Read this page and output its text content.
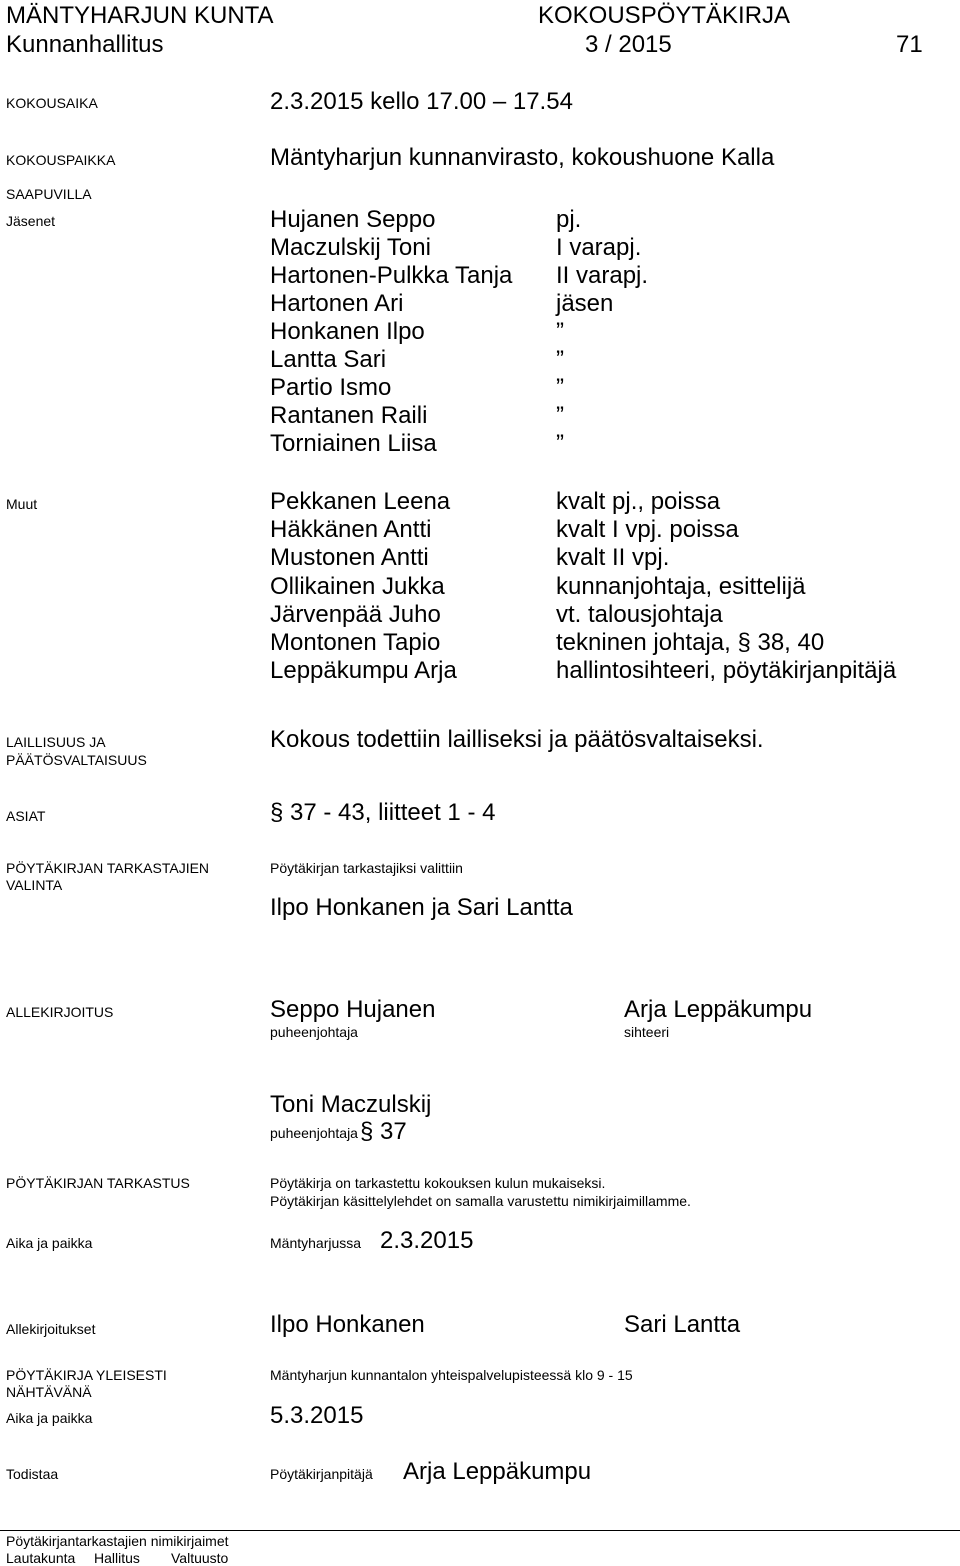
MÄNTYHARJUN KUNTA	KOKOUSPÖYTÄKIRJA
Kunnanhallitus	3 / 2015	71
KOKOUSAIKA	2.3.2015 kello 17.00 – 17.54
KOKOUSPAIKKA	Mäntyharjun kunnanvirasto, kokoushuone Kalla
SAAPUVILLA
Jäsenet	Hujanen Seppo	pj.
Maczulskij Toni	I varapj.
Hartonen-Pulkka Tanja II varapj.
Hartonen Ari	jäsen
Honkanen Ilpo	”
Lantta Sari	”
Partio Ismo	”
Rantanen Raili	”
Torniainen Liisa	”
Muut	Pekkanen Leena	kvalt pj., poissa
Häkkänen Antti	kvalt I vpj. poissa
Mustonen Antti	kvalt II vpj.
Ollikainen Jukka	kunnanjohtaja, esittelijä
Järvenpää Juho	vt. talousjohtaja
Montonen Tapio	tekninen johtaja, § 38, 40
Leppäkumpu Arja	hallintosihteeri, pöytäkirjanpitäjä
LAILLISUUS JA
PÄÄTÖSVALTAISUUS
Kokous todettiin lailliseksi ja päätösvaltaiseksi.
ASIAT	§ 37 - 43, liitteet 1 - 4
PÖYTÄKIRJAN TARKASTAJIEN
VALINTA
Pöytäkirjan tarkastajiksi valittiin
Ilpo Honkanen ja Sari Lantta
ALLEKIRJOITUS	Seppo Hujanen
puheenjohtaja
Arja Leppäkumpu
sihteeri
Toni Maczulskij
puheenjohtaja § 37
PÖYTÄKIRJAN TARKASTUS	Pöytäkirja on tarkastettu kokouksen kulun mukaiseksi.
Pöytäkirjan käsittelylehdet on samalla varustettu nimikirjaimillamme.
Aika ja paikka	Mäntyharjussa 2.3.2015
Allekirjoitukset	Ilpo Honkanen	Sari Lantta
PÖYTÄKIRJA YLEISESTI
NÄHTÄVÄNÄ
Mäntyharjun kunnantalon yhteispalvelupisteessä klo 9 - 15
Aika ja paikka	5.3.2015
Todistaa	Pöytäkirjanpitäjä Arja Leppäkumpu
Pöytäkirjantarkastajien nimikirjaimet
Lautakunta Hallitus Valtuusto
